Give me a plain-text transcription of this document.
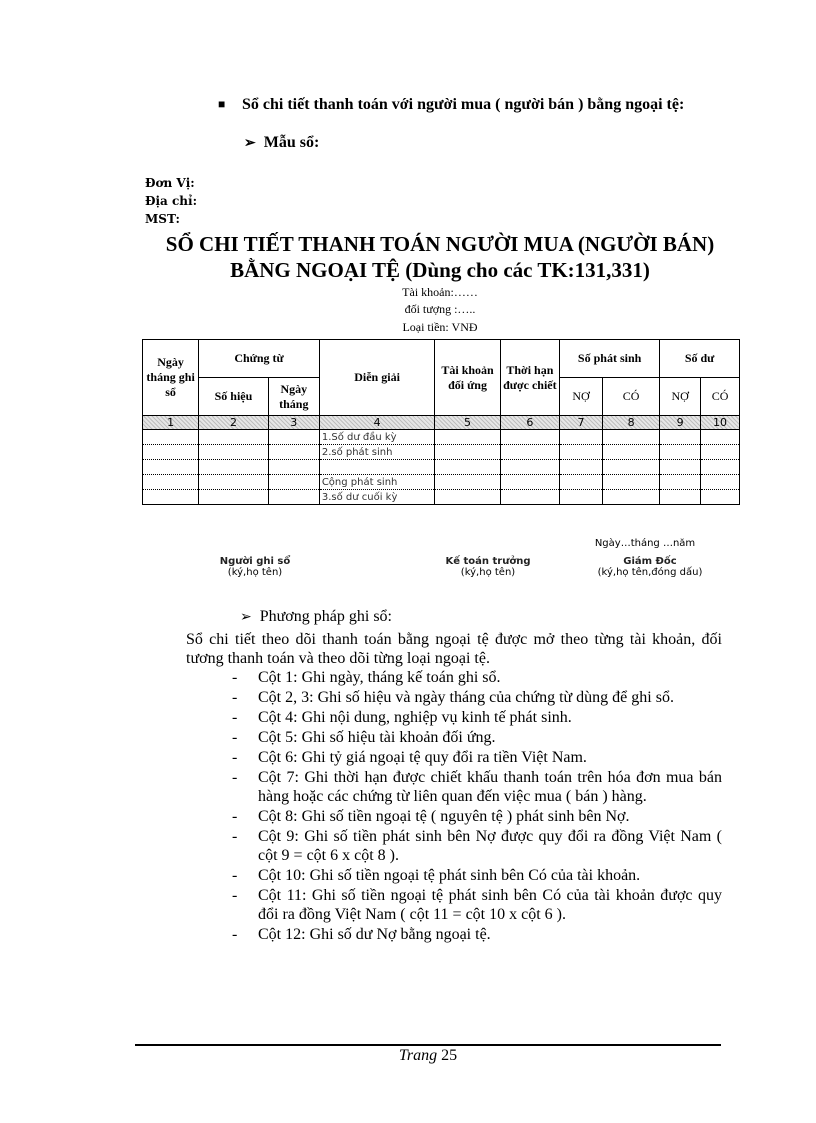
■ Sổ chi tiết thanh toán với người mua ( người bán ) bằng ngoại tệ:
➢ Mẫu sổ:
Đơn Vị:
Địa chỉ:
MST:
SỔ CHI TIẾT THANH TOÁN NGƯỜI MUA (NGƯỜI BÁN)
BẰNG NGOẠI TỆ (Dùng cho các TK:131,331)
Tài khoản:……
đối tượng :…..
Loại tiền: VNĐ
Ngày tháng ghi sổ	Chứng từ		Diễn giải	Tài khoản đối ứng	Thời hạn được chiết	Số phát sinh		Số dư	
	Số hiệu	Ngày tháng				NỢ	CÓ	NỢ	CÓ
1	2	3	4	5	6	7	8	9	10
			1.Số dư đầu kỳ						
			2.số phát sinh						

			Cộng phát sinh						
			3.số dư cuối kỳ						
Ngày…tháng …năm
Người ghi sổ
(ký,họ tên)
Kế toán trưởng
(ký,họ tên)
Giám Đốc
(ký,họ tên,đóng dấu)
➢ Phương pháp ghi sổ:
Sổ chi tiết theo dõi thanh toán bằng ngoại tệ được mở theo từng tài khoản, đối tương thanh toán và theo dõi từng loại ngoại tệ.
- Cột 1: Ghi ngày, tháng kế toán ghi sổ.
- Cột 2, 3: Ghi số hiệu và ngày tháng của chứng từ dùng để ghi sổ.
- Cột 4: Ghi nội dung, nghiệp vụ kinh tế phát sinh.
- Cột 5: Ghi số hiệu tài khoản đối ứng.
- Cột 6: Ghi tỷ giá ngoại tệ quy đổi ra tiền Việt Nam.
- Cột 7: Ghi thời hạn được chiết khấu thanh toán trên hóa đơn mua bán hàng hoặc các chứng từ liên quan đến việc mua ( bán ) hàng.
- Cột 8: Ghi số tiền ngoại tệ ( nguyên tệ ) phát sinh bên Nợ.
- Cột 9: Ghi số tiền phát sinh bên Nợ được quy đổi ra đồng Việt Nam ( cột 9 = cột 6 x cột 8 ).
- Cột 10: Ghi số tiền ngoại tệ phát sinh bên Có của tài khoản.
- Cột 11: Ghi số tiền ngoại tệ phát sinh bên Có của tài khoản được quy đổi ra đồng Việt Nam ( cột 11 = cột 10 x cột 6 ).
- Cột 12: Ghi số dư Nợ bằng ngoại tệ.
Trang 25
